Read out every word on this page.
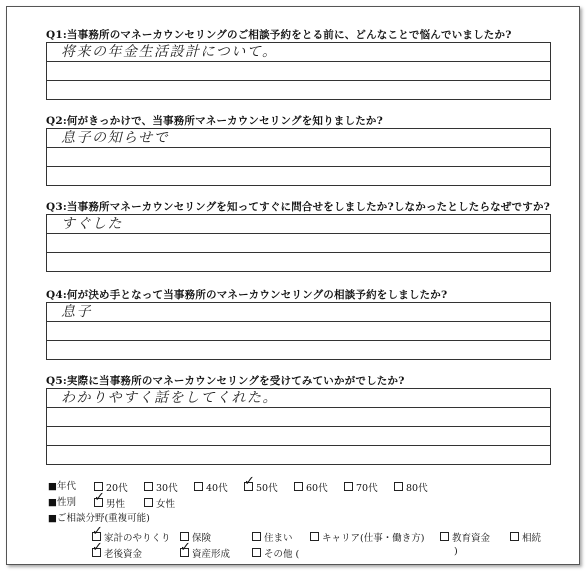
Q1:当事務所のマネーカウンセリングのご相談予約をとる前に、どんなことで悩んでいましたか?
将来の年金生活設計について。
Q2:何がきっかけで、当事務所マネーカウンセリングを知りましたか?
息子の知らせで
Q3:当事務所マネーカウンセリングを知ってすぐに問合せをしましたか?しなかったとしたらなぜですか?
すぐした
Q4:何が決め手となって当事務所のマネーカウンセリングの相談予約をしましたか?
息子
Q5:実際に当事務所のマネーカウンセリングを受けてみていかがでしたか?
わかりやすく話をしてくれた。
■年代	20代	30代	40代 ✓	50代	60代	70代	80代
■性別 ✓	男性	女性
■ご相談分野(重複可能)
✓家計のやりくり	保険	住まい	キャリア(仕事・働き方)	教育資金	相続
✓老後資金 ✓	資産形成	その他 (	)
